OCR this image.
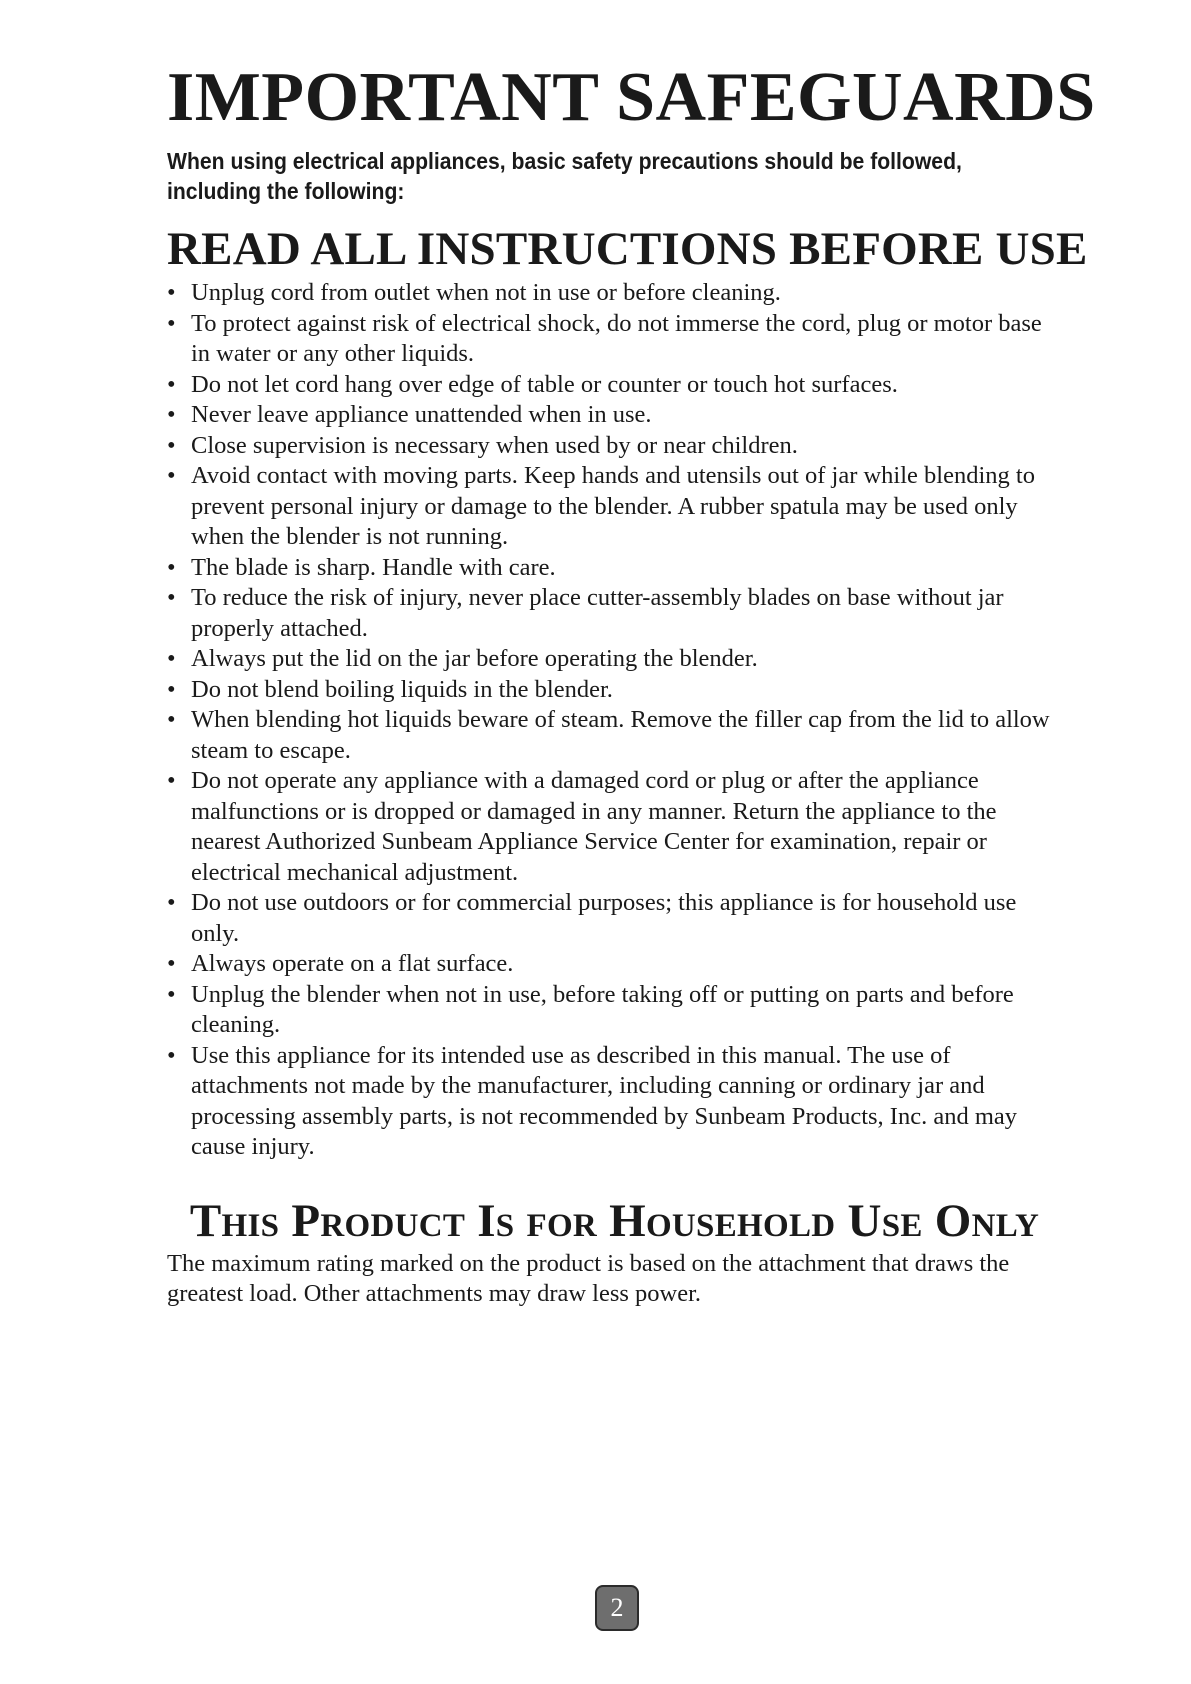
IMPORTANT SAFEGUARDS

When using electrical appliances, basic safety precautions should be followed, including the following:

READ ALL INSTRUCTIONS BEFORE USE
• Unplug cord from outlet when not in use or before cleaning.
• To protect against risk of electrical shock, do not immerse the cord, plug or motor base in water or any other liquids.
• Do not let cord hang over edge of table or counter or touch hot surfaces.
• Never leave appliance unattended when in use.
• Close supervision is necessary when used by or near children.
• Avoid contact with moving parts. Keep hands and utensils out of jar while blending to prevent personal injury or damage to the blender. A rubber spatula may be used only when the blender is not running.
• The blade is sharp. Handle with care.
• To reduce the risk of injury, never place cutter-assembly blades on base without jar properly attached.
• Always put the lid on the jar before operating the blender.
• Do not blend boiling liquids in the blender.
• When blending hot liquids beware of steam. Remove the filler cap from the lid to allow steam to escape.
• Do not operate any appliance with a damaged cord or plug or after the appliance malfunctions or is dropped or damaged in any manner. Return the appliance to the nearest Authorized Sunbeam Appliance Service Center for examination, repair or electrical mechanical adjustment.
• Do not use outdoors or for commercial purposes; this appliance is for household use only.
• Always operate on a flat surface.
• Unplug the blender when not in use, before taking off or putting on parts and before cleaning.
• Use this appliance for its intended use as described in this manual. The use of attachments not made by the manufacturer, including canning or ordinary jar and processing assembly parts, is not recommended by Sunbeam Products, Inc. and may cause injury.
This Product Is for Household Use Only

The maximum rating marked on the product is based on the attachment that draws the greatest load. Other attachments may draw less power.

2
